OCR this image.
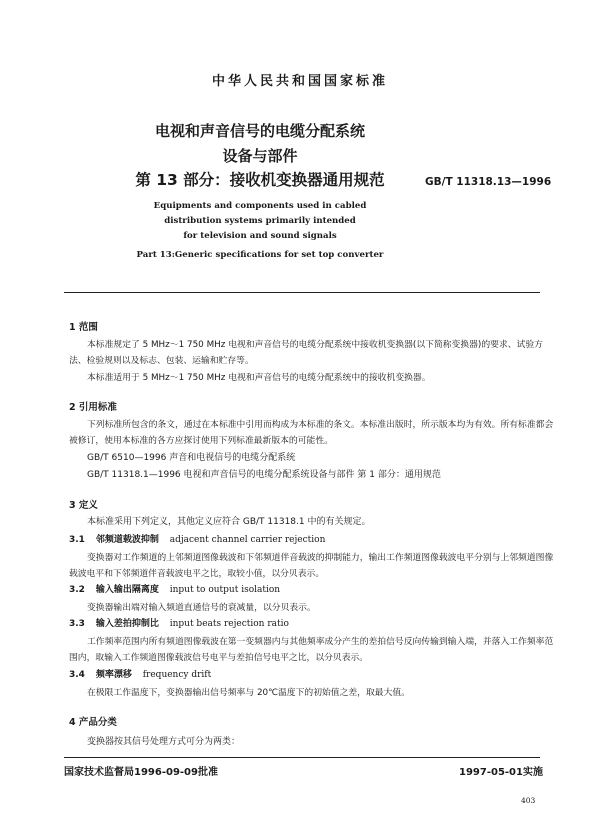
中华人民共和国国家标准
电视和声音信号的电缆分配系统
设备与部件
第 13 部分：接收机变换器通用规范	GB/T 11318.13—1996
Equipments and components used in cabled
distribution systems primarily intended
for television and sound signals
Part 13:Generic specifications for set top converter
1 范围
本标准规定了 5 MHz～1 750 MHz 电视和声音信号的电缆分配系统中接收机变换器(以下简称变换器)的要求、试验方法、检验规则以及标志、包装、运输和贮存等。
本标准适用于 5 MHz～1 750 MHz 电视和声音信号的电缆分配系统中的接收机变换器。
2 引用标准
下列标准所包含的条文，通过在本标准中引用而构成为本标准的条文。本标准出版时，所示版本均为有效。所有标准都会被修订，使用本标准的各方应探讨使用下列标准最新版本的可能性。
GB/T 6510—1996 声音和电视信号的电缆分配系统
GB/T 11318.1—1996 电视和声音信号的电缆分配系统设备与部件 第 1 部分：通用规范
3 定义
本标准采用下列定义，其他定义应符合 GB/T 11318.1 中的有关规定。
3.1 邻频道载波抑制 adjacent channel carrier rejection
变换器对工作频道的上邻频道图像载波和下邻频道伴音载波的抑制能力，输出工作频道图像载波电平分别与上邻频道图像载波电平和下邻频道伴音载波电平之比，取较小值，以分贝表示。
3.2 输入输出隔离度 input to output isolation
变换器输出端对输入频道直通信号的衰减量，以分贝表示。
3.3 输入差拍抑制比 input beats rejection ratio
工作频率范围内所有频道图像载波在第一变频器内与其他频率成分产生的差拍信号反向传输到输入端，并落入工作频率范围内，取输入工作频道图像载波信号电平与差拍信号电平之比，以分贝表示。
3.4 频率漂移 frequency drift
在极限工作温度下，变换器输出信号频率与 20℃温度下的初始值之差，取最大值。
4 产品分类
变换器按其信号处理方式可分为两类：
国家技术监督局1996-09-09批准	1997-05-01实施
403
